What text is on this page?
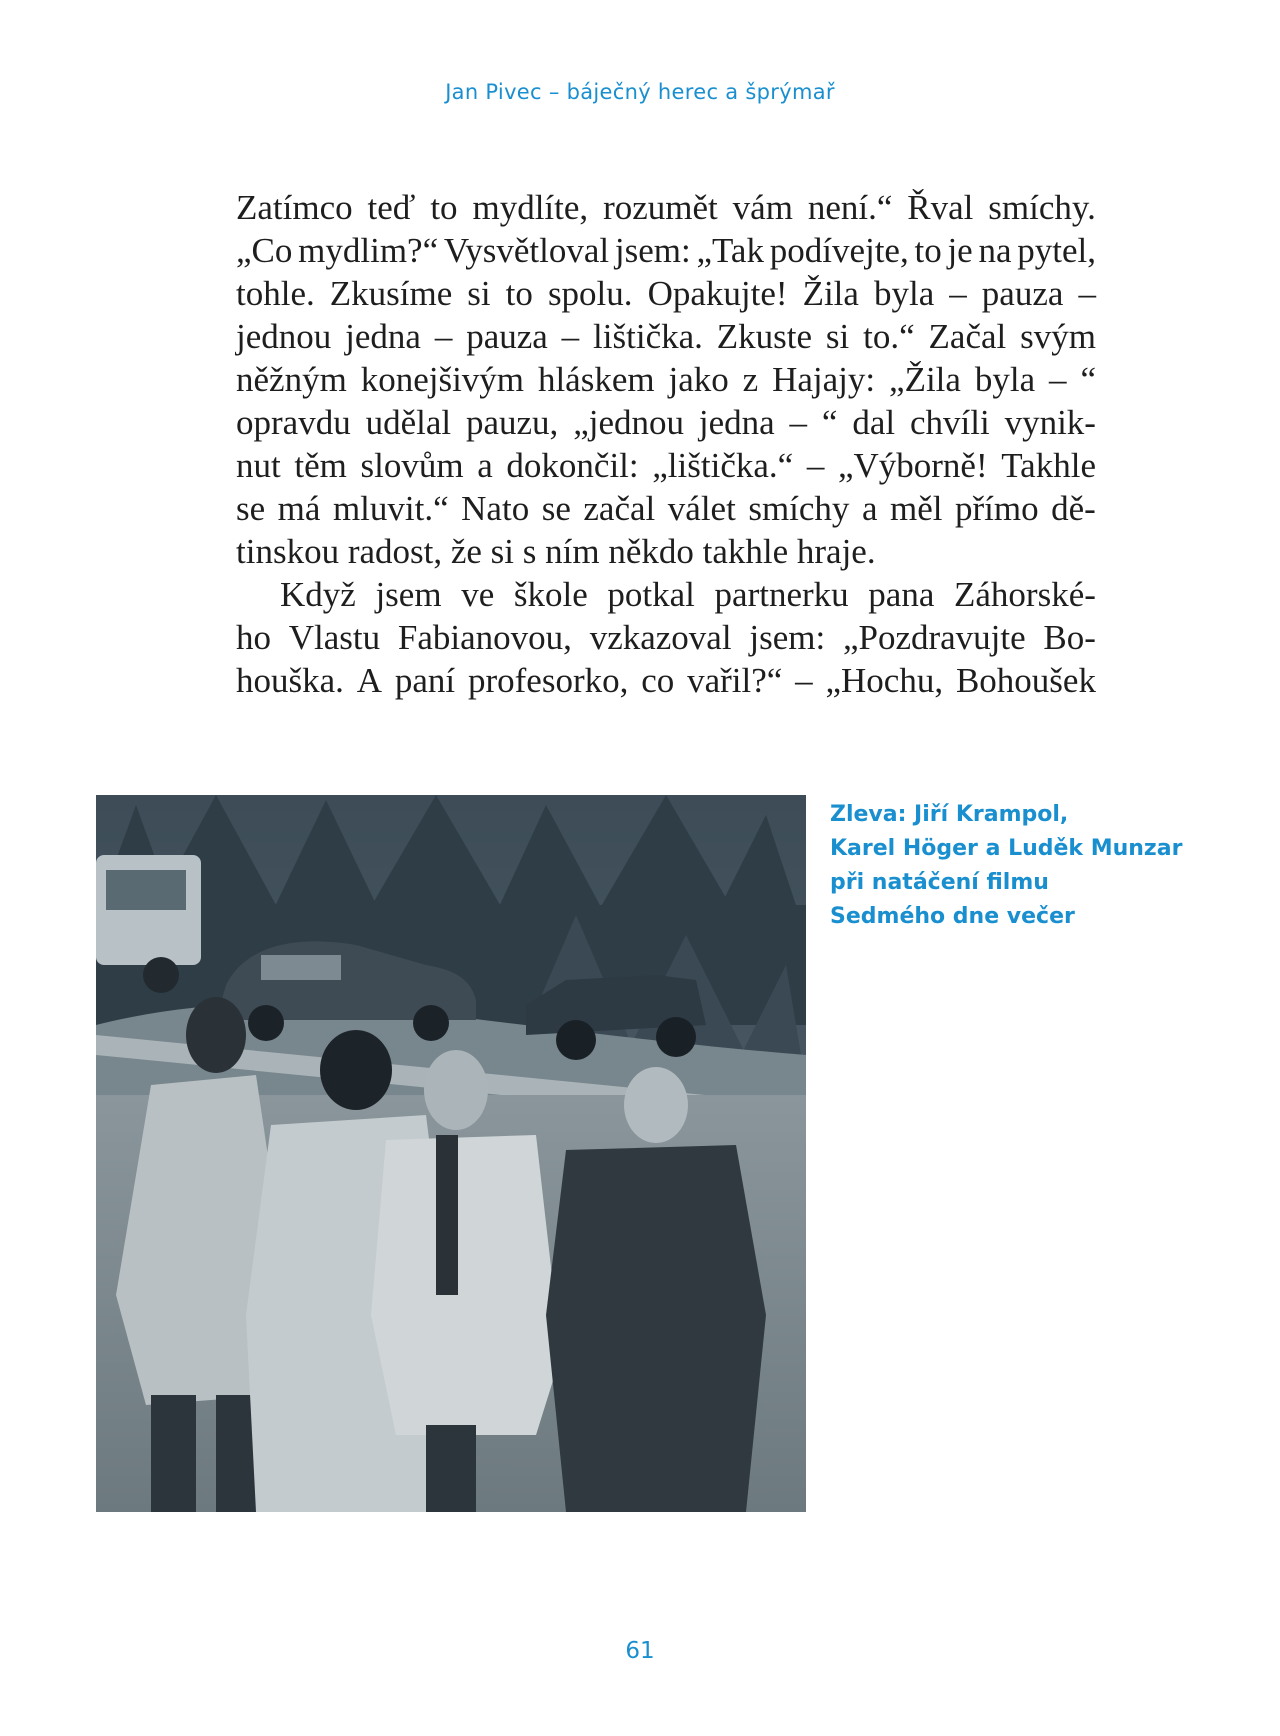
Jan Pivec – báječný herec a šprýmař
Zatímco teď to mydlíte, rozumět vám není.“ Řval smíchy.
„Co mydlim?“ Vysvětloval jsem: „Tak podívejte, to je na pytel,
tohle. Zkusíme si to spolu. Opakujte! Žila byla – pauza –
jednou jedna – pauza – lištička. Zkuste si to.“ Začal svým
něžným konejšivým hláskem jako z Hajajy: „Žila byla – “
opravdu udělal pauzu, „jednou jedna – “ dal chvíli vynik-
nut těm slovům a dokončil: „lištička.“ – „Výborně! Takhle
se má mluvit.“ Nato se začal válet smíchy a měl přímo dě-
tinskou radost, že si s ním někdo takhle hraje.
Když jsem ve škole potkal partnerku pana Záhorské-
ho Vlastu Fabianovou, vzkazoval jsem: „Pozdravujte Bo-
houška. A paní profesorko, co vařil?“ – „Hochu, Bohoušek
Zleva: Jiří Krampol,
Karel Höger a Luděk Munzar
při natáčení filmu
Sedmého dne večer
61
